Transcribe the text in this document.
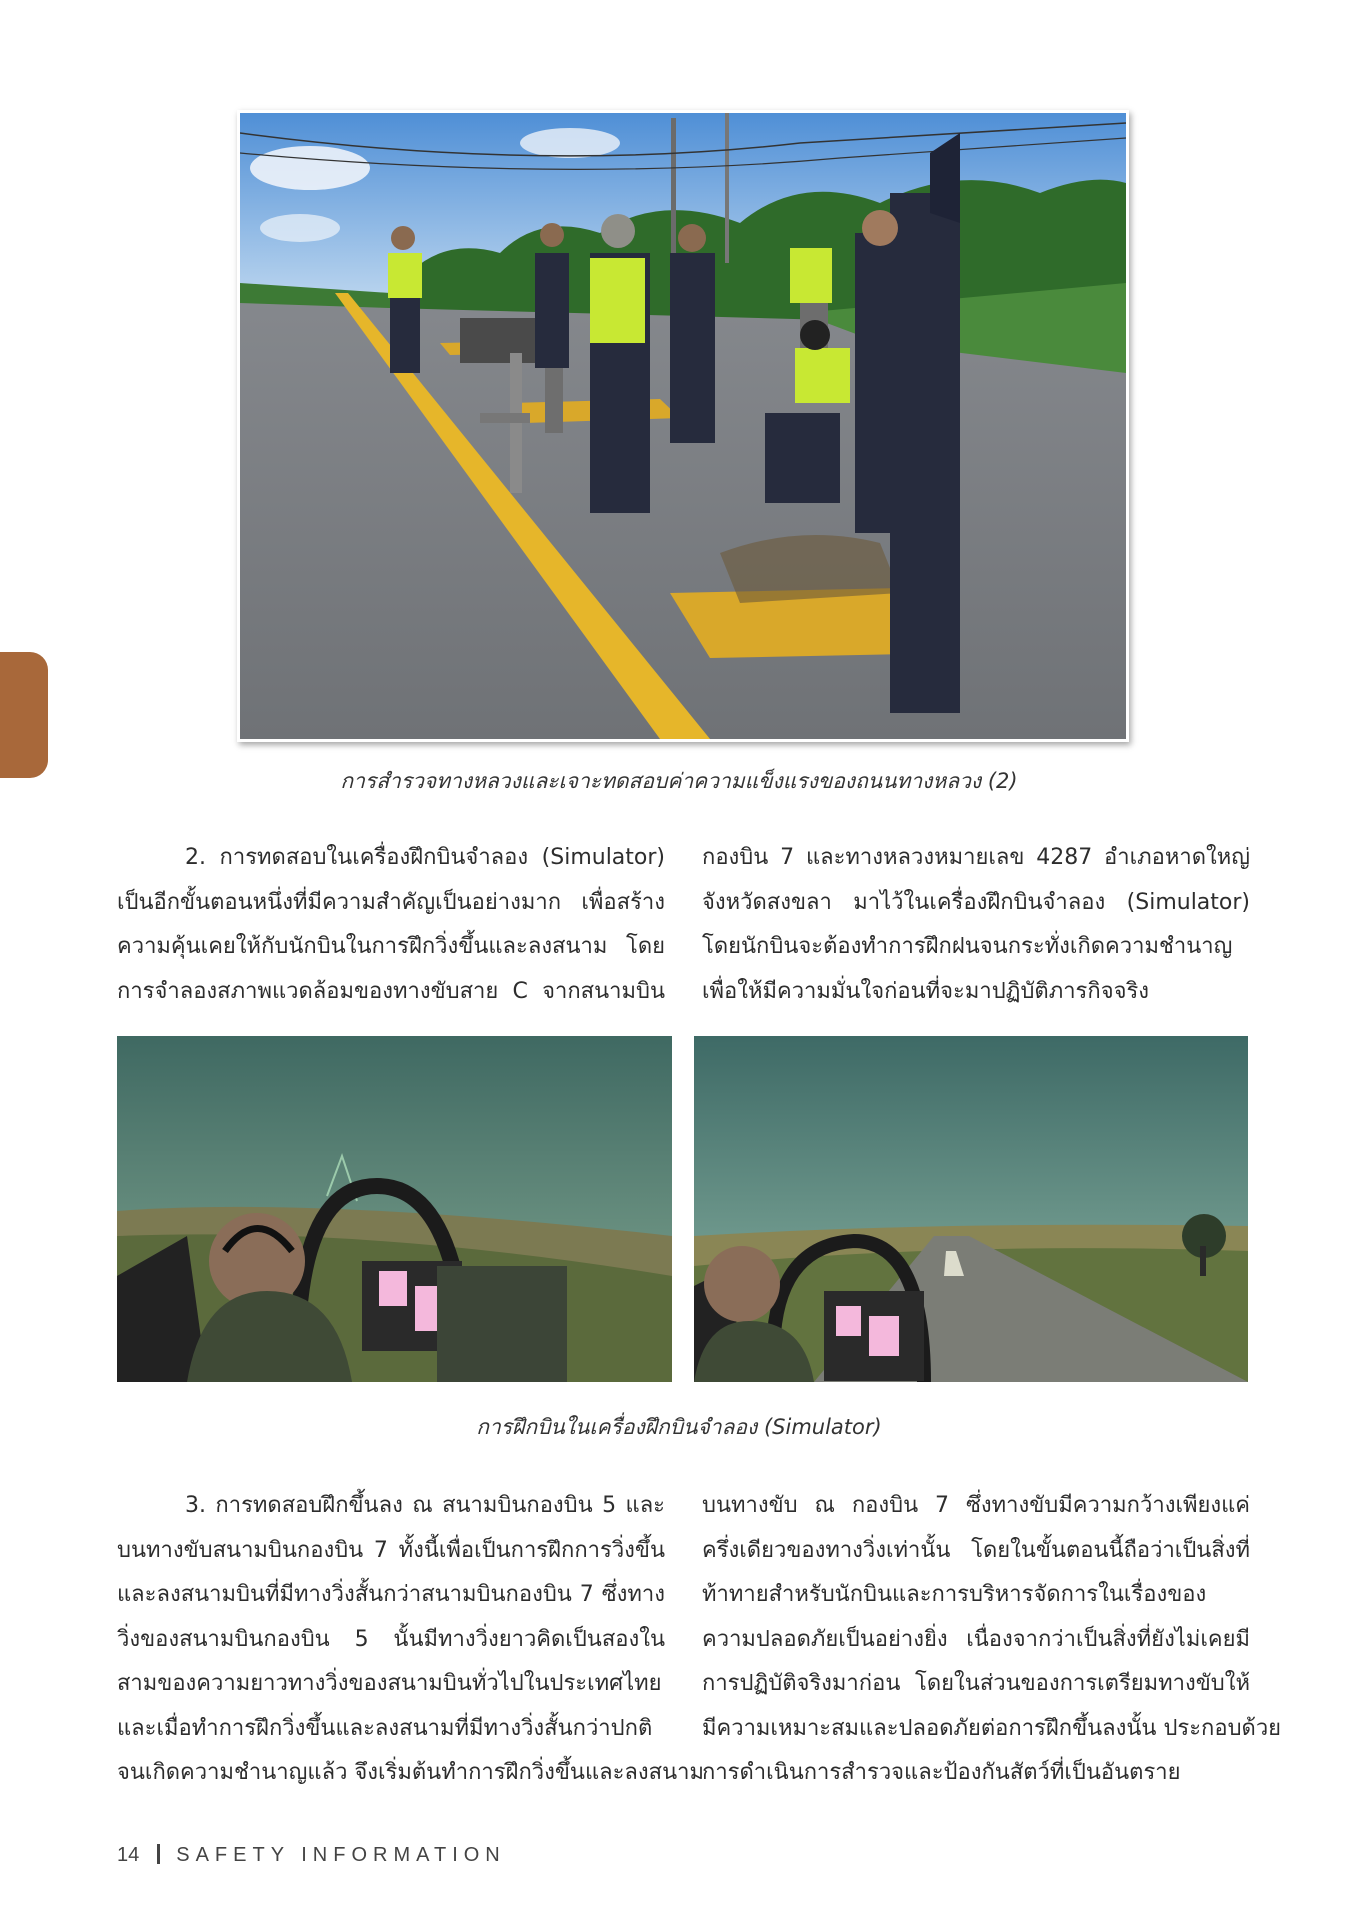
การสำรวจทางหลวงและเจาะทดสอบค่าความแข็งแรงของถนนทางหลวง (2)
2. การทดสอบในเครื่องฝึกบินจำลอง (Simulator)
เป็นอีกขั้นตอนหนึ่งที่มีความสำคัญเป็นอย่างมาก เพื่อสร้าง
ความคุ้นเคยให้กับนักบินในการฝึกวิ่งขึ้นและลงสนาม โดย
การจำลองสภาพแวดล้อมของทางขับสาย C จากสนามบิน
กองบิน 7 และทางหลวงหมายเลข 4287 อำเภอหาดใหญ่
จังหวัดสงขลา มาไว้ในเครื่องฝึกบินจำลอง (Simulator)
โดยนักบินจะต้องทำการฝึกฝนจนกระทั่งเกิดความชำนาญ
เพื่อให้มีความมั่นใจก่อนที่จะมาปฏิบัติภารกิจจริง
การฝึกบินในเครื่องฝึกบินจำลอง (Simulator)
3. การทดสอบฝึกขึ้นลง ณ สนามบินกองบิน 5 และ
บนทางขับสนามบินกองบิน 7 ทั้งนี้เพื่อเป็นการฝึกการวิ่งขึ้น
และลงสนามบินที่มีทางวิ่งสั้นกว่าสนามบินกองบิน 7 ซึ่งทาง
วิ่งของสนามบินกองบิน 5 นั้นมีทางวิ่งยาวคิดเป็นสองใน
สามของความยาวทางวิ่งของสนามบินทั่วไปในประเทศไทย
และเมื่อทำการฝึกวิ่งขึ้นและลงสนามที่มีทางวิ่งสั้นกว่าปกติ
จนเกิดความชำนาญแล้ว จึงเริ่มต้นทำการฝึกวิ่งขึ้นและลงสนาม
บนทางขับ ณ กองบิน 7 ซึ่งทางขับมีความกว้างเพียงแค่
ครึ่งเดียวของทางวิ่งเท่านั้น โดยในขั้นตอนนี้ถือว่าเป็นสิ่งที่
ท้าทายสำหรับนักบินและการบริหารจัดการในเรื่องของ
ความปลอดภัยเป็นอย่างยิ่ง เนื่องจากว่าเป็นสิ่งที่ยังไม่เคยมี
การปฏิบัติจริงมาก่อน โดยในส่วนของการเตรียมทางขับให้
มีความเหมาะสมและปลอดภัยต่อการฝึกขึ้นลงนั้น ประกอบด้วย
การดำเนินการสำรวจและป้องกันสัตว์ที่เป็นอันตราย
14 SAFETY INFORMATION
